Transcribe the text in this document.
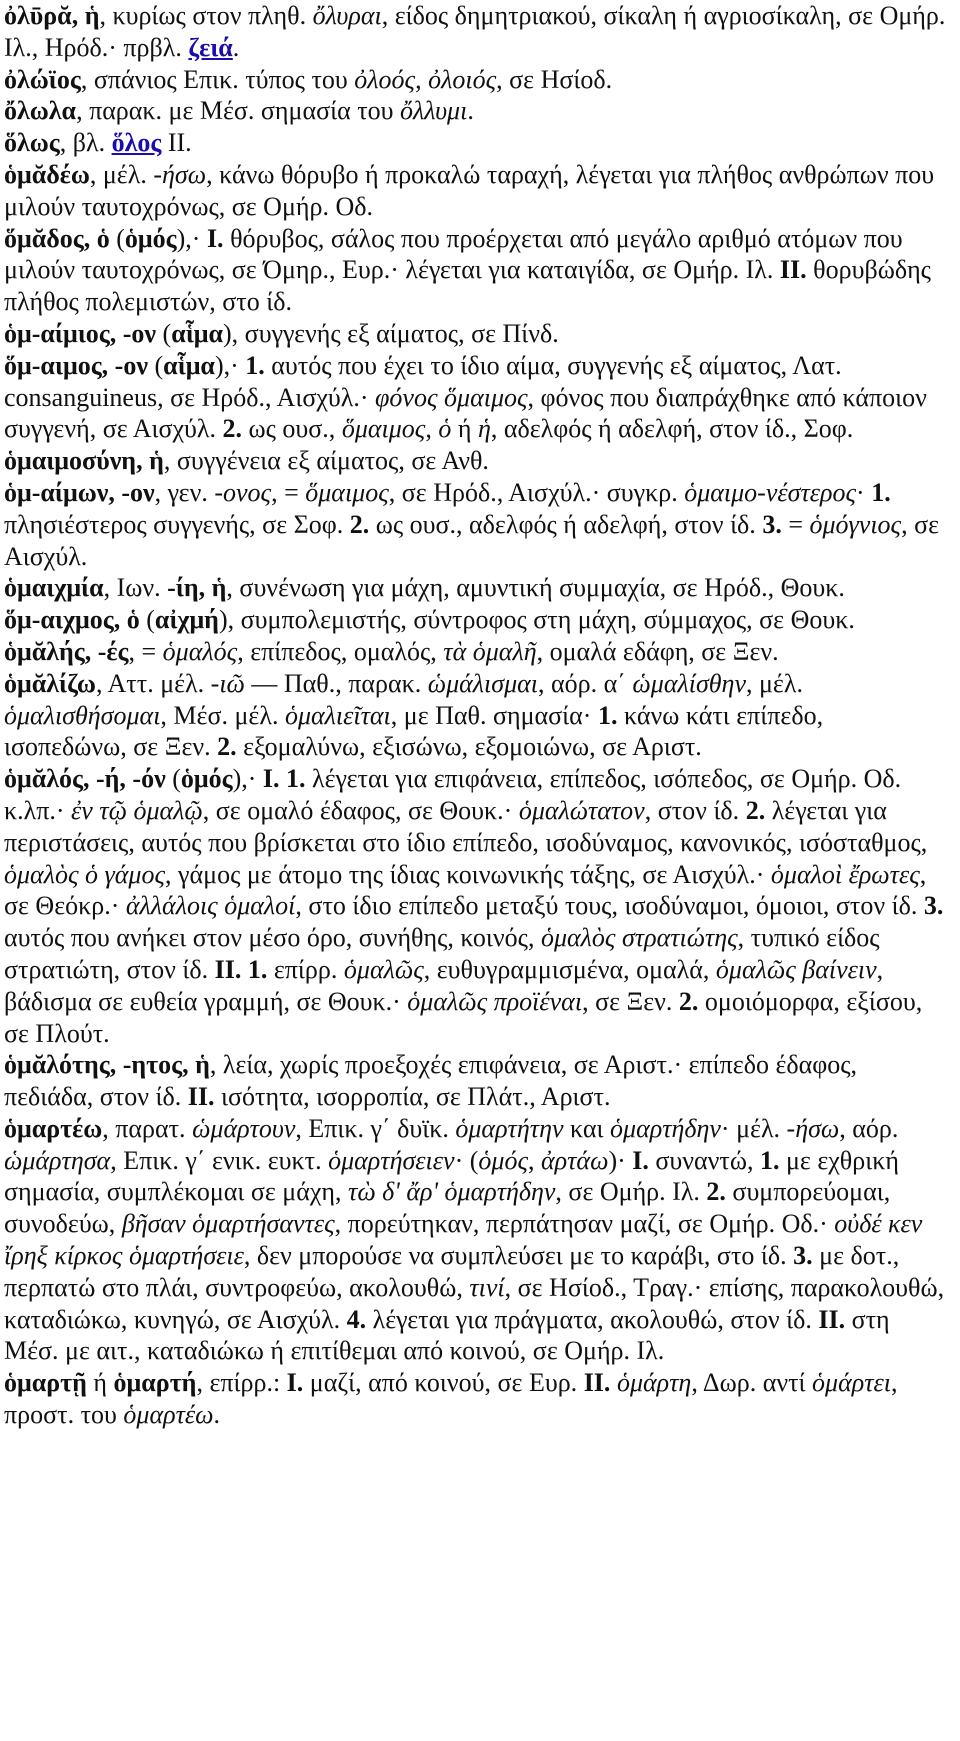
ὀλῡρᾰ, ἡ, κυρίως στον πληθ. ὄλυραι, είδος δημητριακού, σίκαλη ή αγριοσίκαλη, σε Ομήρ. Ιλ., Ηρόδ.· πρβλ. ζειά.

ὀλώϊος, σπάνιος Επικ. τύπος του ὀλοός, ὀλοιός, σε Ησίοδ.

ὄλωλα, παρακ. με Μέσ. σημασία του ὄλλυμι.

ὅλως, βλ. ὅλος II.

ὁμᾰδέω, μέλ. -ήσω, κάνω θόρυβο ή προκαλώ ταραχή, λέγεται για πλήθος ανθρώπων που μιλούν ταυτοχρόνως, σε Ομήρ. Οδ.

ὅμᾰδος, ὁ (ὁμός),· I. θόρυβος, σάλος που προέρχεται από μεγάλο αριθμό ατόμων που μιλούν ταυτοχρόνως, σε Όμηρ., Ευρ.· λέγεται για καταιγίδα, σε Ομήρ. Ιλ. II. θορυβώδης πλήθος πολεμιστών, στο ίδ.

ὁμ-αίμιος, -ον (αἷμα), συγγενής εξ αίματος, σε Πίνδ.

ὅμ-αιμος, -ον (αἷμα),· 1. αυτός που έχει το ίδιο αίμα, συγγενής εξ αίματος, Λατ. consanguineus, σε Ηρόδ., Αισχύλ.· φόνος ὅμαιμος, φόνος που διαπράχθηκε από κάποιον συγγενή, σε Αισχύλ. 2. ως ουσ., ὅμαιμος, ὁ ή ἡ, αδελφός ή αδελφή, στον ίδ., Σοφ.

ὁμαιμοσύνη, ἡ, συγγένεια εξ αίματος, σε Ανθ.

ὁμ-αίμων, -ον, γεν. -ονος, = ὅμαιμος, σε Ηρόδ., Αισχύλ.· συγκρ. ὁμαιμο-νέστερος· 1. πλησιέστερος συγγενής, σε Σοφ. 2. ως ουσ., αδελφός ή αδελφή, στον ίδ. 3. = ὁμόγνιος, σε Αισχύλ.

ὁμαιχμία, Ιων. -ίη, ἡ, συνένωση για μάχη, αμυντική συμμαχία, σε Ηρόδ., Θουκ.

ὅμ-αιχμος, ὁ (αἰχμή), συμπολεμιστής, σύντροφος στη μάχη, σύμμαχος, σε Θουκ.

ὁμᾰλής, -ές, = ὁμαλός, επίπεδος, ομαλός, τὰ ὁμαλῆ, ομαλά εδάφη, σε Ξεν.

ὁμᾰλίζω, Αττ. μέλ. -ιῶ — Παθ., παρακ. ὡμάλισμαι, αόρ. α΄ ὡμαλίσθην, μέλ. ὁμαλισθήσομαι, Μέσ. μέλ. ὁμαλιεῖται, με Παθ. σημασία· 1. κάνω κάτι επίπεδο, ισοπεδώνω, σε Ξεν. 2. εξομαλύνω, εξισώνω, εξομοιώνω, σε Αριστ.

ὁμᾰλός, -ή, -όν (ὁμός),· I. 1. λέγεται για επιφάνεια, επίπεδος, ισόπεδος, σε Ομήρ. Οδ. κ.λπ.· ἐν τῷ ὁμαλῷ, σε ομαλό έδαφος, σε Θουκ.· ὁμαλώτατον, στον ίδ. 2. λέγεται για περιστάσεις, αυτός που βρίσκεται στο ίδιο επίπεδο, ισοδύναμος, κανονικός, ισόσταθμος, ὁμαλὸς ὁ γάμος, γάμος με άτομο της ίδιας κοινωνικής τάξης, σε Αισχύλ.· ὁμαλοὶ ἔρωτες, σε Θεόκρ.· ἀλλάλοις ὁμαλοί, στο ίδιο επίπεδο μεταξύ τους, ισοδύναμοι, όμοιοι, στον ίδ. 3. αυτός που ανήκει στον μέσο όρο, συνήθης, κοινός, ὁμαλὸς στρατιώτης, τυπικό είδος στρατιώτη, στον ίδ. II. 1. επίρρ. ὁμαλῶς, ευθυγραμμισμένα, ομαλά, ὁμαλῶς βαίνειν, βάδισμα σε ευθεία γραμμή, σε Θουκ.· ὁμαλῶς προϊέναι, σε Ξεν. 2. ομοιόμορφα, εξίσου, σε Πλούτ.

ὁμᾰλότης, -ητος, ἡ, λεία, χωρίς προεξοχές επιφάνεια, σε Αριστ.· επίπεδο έδαφος, πεδιάδα, στον ίδ. II. ισότητα, ισορροπία, σε Πλάτ., Αριστ.

ὁμαρτέω, παρατ. ὡμάρτουν, Επικ. γ΄ δυϊκ. ὁμαρτήτην και ὁμαρτήδην· μέλ. -ήσω, αόρ. ὡμάρτησα, Επικ. γ΄ ενικ. ευκτ. ὁμαρτήσειεν· (ὁμός, ἀρτάω)· I. συναντώ, 1. με εχθρική σημασία, συμπλέκομαι σε μάχη, τὼ δ' ἄρ' ὁμαρτήδην, σε Ομήρ. Ιλ. 2. συμπορεύομαι, συνοδεύω, βῆσαν ὁμαρτήσαντες, πορεύτηκαν, περπάτησαν μαζί, σε Ομήρ. Οδ.· οὐδέ κεν ἴρηξ κίρκος ὁμαρτήσειε, δεν μπορούσε να συμπλεύσει με το καράβι, στο ίδ. 3. με δοτ., περπατώ στο πλάι, συντροφεύω, ακολουθώ, τινί, σε Ησίοδ., Τραγ.· επίσης, παρακολουθώ, καταδιώκω, κυνηγώ, σε Αισχύλ. 4. λέγεται για πράγματα, ακολουθώ, στον ίδ. II. στη Μέσ. με αιτ., καταδιώκω ή επιτίθεμαι από κοινού, σε Ομήρ. Ιλ.

ὁμαρτῇ ή ὁμαρτή, επίρρ.: I. μαζί, από κοινού, σε Ευρ. II. ὁμάρτη, Δωρ. αντί ὁμάρτει, προστ. του ὁμαρτέω.
